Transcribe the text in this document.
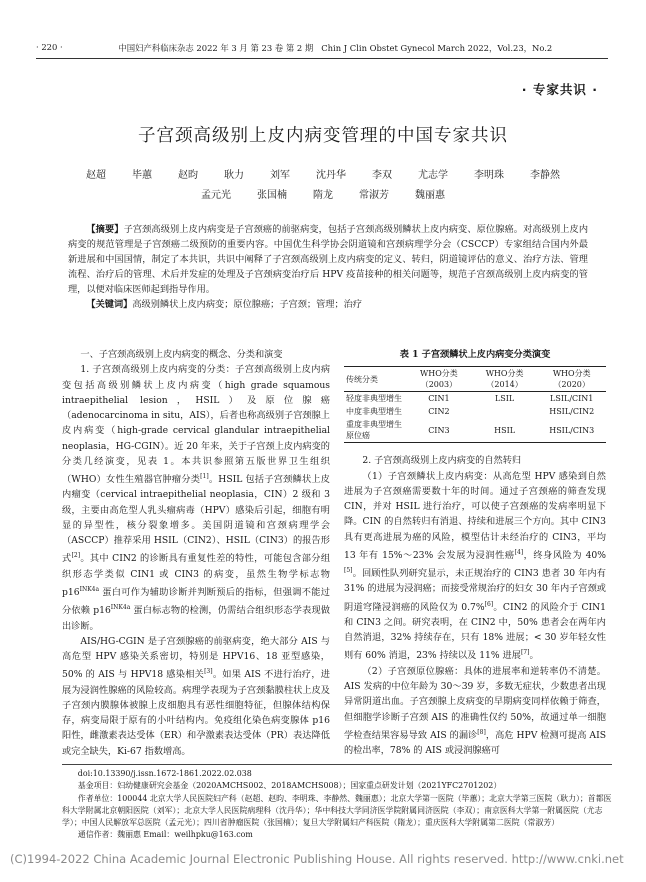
· 220 ·	中国妇产科临床杂志 2022 年 3 月 第 23 卷 第 2 期 Chin J Clin Obstet Gynecol March 2022，Vol.23，No.2
· 专家共识 ·
子宫颈高级别上皮内病变管理的中国专家共识
赵超	毕蕙	赵昀	耿力	刘军	沈丹华	李双	尤志学	李明珠	李静然
孟元光	张国楠	隋龙	常淑芳	魏丽惠

【摘要】子宫颈高级别上皮内病变是子宫颈癌的前驱病变，包括子宫颈高级别鳞状上皮内病变、原位腺癌。对高级别上皮内病变的规范管理是子宫颈癌二级预防的重要内容。中国优生科学协会阴道镜和宫颈病理学分会（CSCCP）专家组结合国内外最新进展和中国国情，制定了本共识，共识中阐释了子宫颈高级别上皮内病变的定义、转归，阴道镜评估的意义、治疗方法、管理流程、治疗后的管理、术后并发症的处理及子宫颈病变治疗后 HPV 疫苗接种的相关问题等，规范子宫颈高级别上皮内病变的管理，以便对临床医师起到指导作用。

【关键词】高级别鳞状上皮内病变；原位腺癌；子宫颈；管理；治疗

一、子宫颈高级别上皮内病变的概念、分类和演变

1. 子宫颈高级别上皮内病变的分类：子宫颈高级别上皮内病变包括高级别鳞状上皮内病变（high grade squamous intraepithelial lesion，HSIL）及原位腺癌（adenocarcinoma in situ，AIS），后者也称高级别子宫颈腺上皮内病变（high-grade cervical glandular intraepithelial neoplasia，HG-CGIN）。近 20 年来，关于子宫颈上皮内病变的分类几经演变，见表 1。本共识参照第五版世界卫生组织（WHO）女性生殖器官肿瘤分类[1]。HSIL 包括子宫颈鳞状上皮内瘤变（cervical intraepithelial neoplasia，CIN）2 级和 3 级，主要由高危型人乳头瘤病毒（HPV）感染后引起，细胞有明显的异型性，核分裂象增多。美国阴道镜和宫颈病理学会（ASCCP）推荐采用 HSIL（CIN2）、HSIL（CIN3）的报告形式[2]。其中 CIN2 的诊断具有重复性差的特性，可能包含部分组织形态学类似 CIN1 或 CIN3 的病变，虽然生物学标志物 $p16^{INK4a}$ 蛋白可作为辅助诊断并判断预后的指标，但强调不能过分依赖 $p16^{INK4a}$ 蛋白标志物的检测，仍需结合组织形态学表现做出诊断。

AIS/HG-CGIN 是子宫颈腺癌的前驱病变，绝大部分 AIS 与高危型 HPV 感染关系密切，特别是 HPV16、18 亚型感染，50% 的 AIS 与 HPV18 感染相关[3]。如果 AIS 不进行治疗，进展为浸润性腺癌的风险较高。病理学表现为子宫颈黏膜柱状上皮及子宫颈内膜腺体被腺上皮细胞具有恶性细胞特征，但腺体结构保存，病变局限于原有的小叶结构内。免疫组化染色病变腺体 p16 阳性，雌激素表达受体（ER）和孕激素表达受体（PR）表达降低或完全缺失，Ki-67 指数增高。

表 1 子宫颈鳞状上皮内病变分类演变
传统分类	WHO分类（2003）	WHO分类（2014）	WHO分类（2020）
轻度非典型增生	CIN1	LSIL	LSIL/CIN1
中度非典型增生	CIN2		HSIL/CIN2
重度非典型增生 原位癌	CIN3	HSIL	HSIL/CIN3

2. 子宫颈高级别上皮内病变的自然转归

（1）子宫颈鳞状上皮内病变：从高危型 HPV 感染到自然进展为子宫颈癌需要数十年的时间。通过子宫颈癌的筛查发现 CIN，并对 HSIL 进行治疗，可以使子宫颈癌的发病率明显下降。CIN 的自然转归有消退、持续和进展三个方向。其中 CIN3 具有更高进展为癌的风险，模型估计未经治疗的 CIN3，平均 13 年有 15%～23% 会发展为浸润性癌[4]，终身风险为 40%[5]。回顾性队列研究显示，未正规治疗的 CIN3 患者 30 年内有 31% 的进展为浸润癌；而接受常规治疗的妇女 30 年内子宫颈或阴道穹隆浸润癌的风险仅为 0.7%[6]。CIN2 的风险介于 CIN1 和 CIN3 之间。研究表明，在 CIN2 中，50% 患者会在两年内自然消退，32% 持续存在，只有 18% 进展；< 30 岁年轻女性则有 60% 消退，23% 持续以及 11% 进展[7]。

（2）子宫颈原位腺癌：具体的进展率和逆转率仍不清楚。AIS 发病的中位年龄为 30～39 岁，多数无症状，少数患者出现异常阴道出血。子宫颈腺上皮病变的早期病变同样依赖于筛查，但细胞学诊断子宫颈 AIS 的准确性仅约 50%，故通过单一细胞学检查结果容易导致 AIS 的漏诊[8]，高危 HPV 检测可提高 AIS 的检出率，78% 的 AIS 或浸润腺癌可

doi:10.13390/j.issn.1672-1861.2022.02.038

基金项目：妇幼健康研究会基金（2020AMCHS002、2018AMCHS008）；国家重点研发计划（2021YFC2701202）

作者单位：100044 北京大学人民医院妇产科（赵超、赵昀、李明珠、李静然、魏丽惠）；北京大学第一医院（毕蕙）；北京大学第三医院（耿力）；首都医科大学附属北京朝阳医院（刘军）；北京大学人民医院病理科（沈丹华）；华中科技大学同济医学院附属同济医院（李双）；南京医科大学第一附属医院（尤志学）；中国人民解放军总医院（孟元光）；四川省肿瘤医院（张国楠）；复旦大学附属妇产科医院（隋龙）；重庆医科大学附属第二医院（常淑芳）

通信作者：魏丽惠 Email：weilhpku@163.com

(C)1994-2022 China Academic Journal Electronic Publishing House. All rights reserved. http://www.cnki.net
